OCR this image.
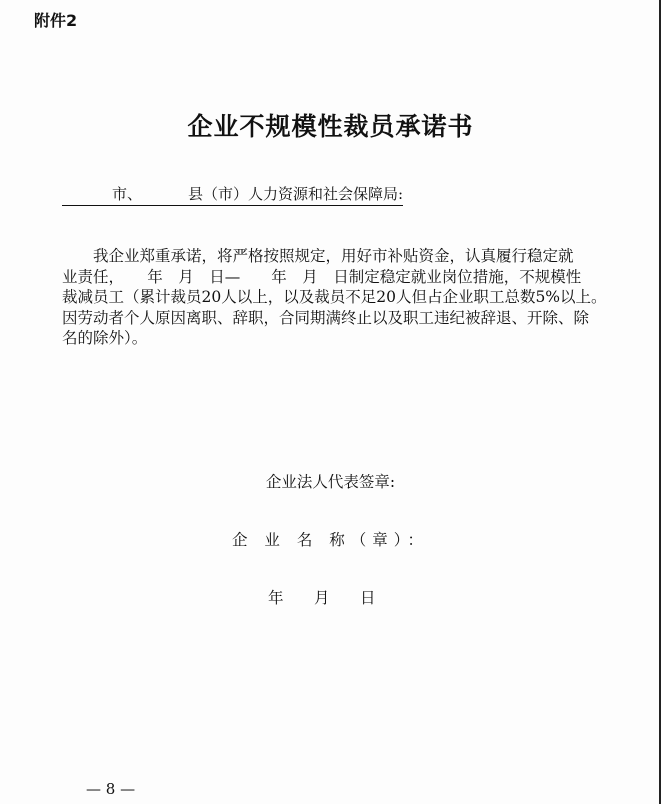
附件2
企业不规模性裁员承诺书
市、	县（市）人力资源和社会保障局:

我企业郑重承诺，将严格按照规定，用好市补贴资金，认真履行稳定就

业责任，　　年　月　日—　　年　月　日制定稳定就业岗位措施，不规模性

裁减员工（累计裁员20人以上，以及裁员不足20人但占企业职工总数5%以上。

因劳动者个人原因离职、辞职，合同期满终止以及职工违纪被辞退、开除、除

名的除外）。

企业法人代表签章:
企 业 名 称（章）：
年 月 日
— 8 —
